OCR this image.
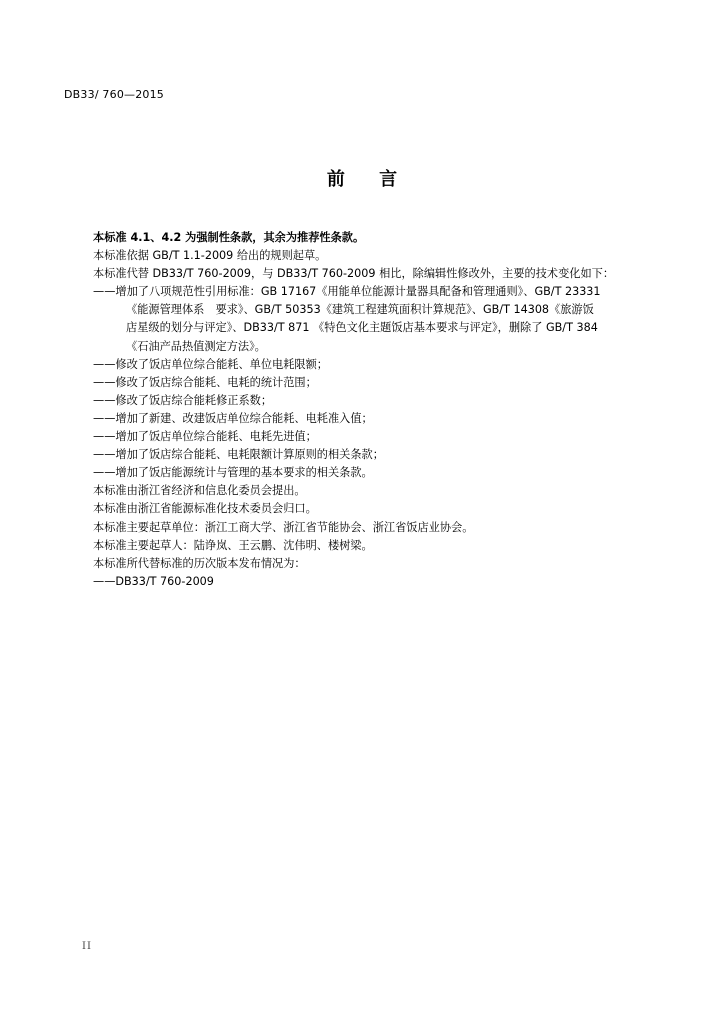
DB33/ 760—2015
前 言
本标准 4.1、4.2 为强制性条款，其余为推荐性条款。
本标准依据 GB/T 1.1-2009 给出的规则起草。
本标准代替 DB33/T 760-2009，与 DB33/T 760-2009 相比，除编辑性修改外，主要的技术变化如下：
——增加了八项规范性引用标准：GB 17167《用能单位能源计量器具配备和管理通则》、GB/T 23331
《能源管理体系　要求》、GB/T 50353《建筑工程建筑面积计算规范》、GB/T 14308《旅游饭
店星级的划分与评定》、DB33/T 871 《特色文化主题饭店基本要求与评定》，删除了 GB/T 384
《石油产品热值测定方法》。
——修改了饭店单位综合能耗、单位电耗限额；
——修改了饭店综合能耗、电耗的统计范围；
——修改了饭店综合能耗修正系数；
——增加了新建、改建饭店单位综合能耗、电耗准入值；
——增加了饭店单位综合能耗、电耗先进值；
——增加了饭店综合能耗、电耗限额计算原则的相关条款；
——增加了饭店能源统计与管理的基本要求的相关条款。
本标准由浙江省经济和信息化委员会提出。
本标准由浙江省能源标准化技术委员会归口。
本标准主要起草单位：浙江工商大学、浙江省节能协会、浙江省饭店业协会。
本标准主要起草人：陆诤岚、王云鹏、沈伟明、楼树梁。
本标准所代替标准的历次版本发布情况为：
——DB33/T 760-2009
II
